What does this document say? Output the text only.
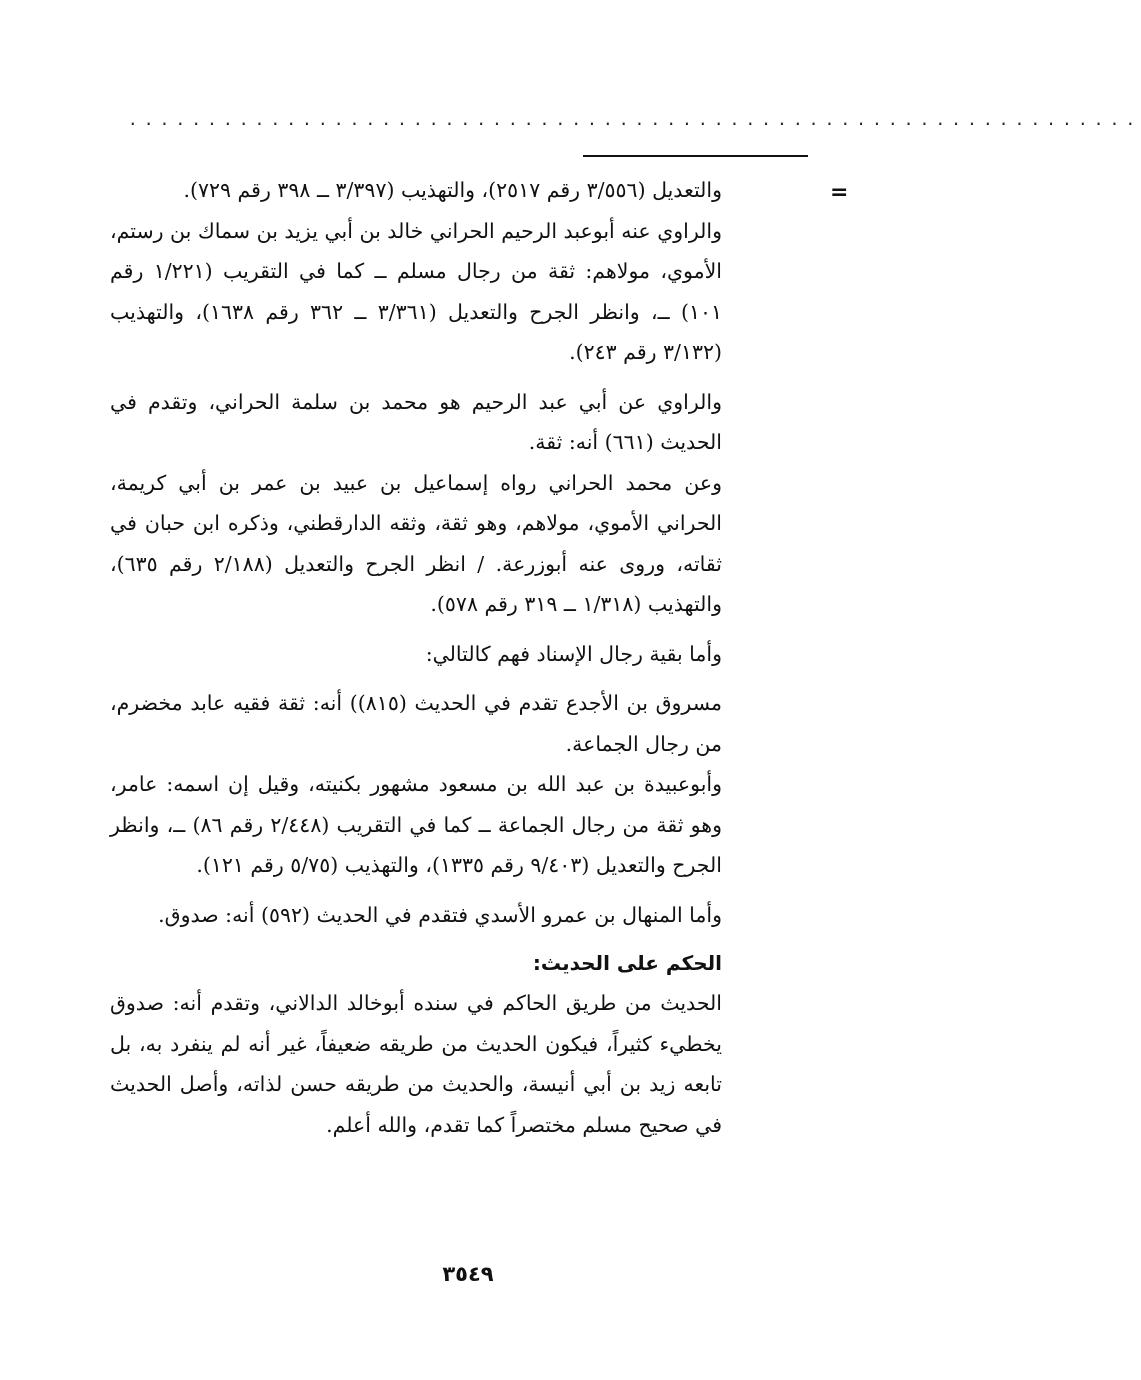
................................................................
=

والتعديل (٣/٥٥٦ رقم ٢٥١٧)، والتهذيب (٣/٣٩٧ ــ ٣٩٨ رقم ٧٢٩).

والراوي عنه أبوعبد الرحيم الحراني خالد بن أبي يزيد بن سماك بن رستم، الأموي، مولاهم: ثقة من رجال مسلم ــ كما في التقريب (١/٢٢١ رقم ١٠١) ــ، وانظر الجرح والتعديل (٣/٣٦١ ــ ٣٦٢ رقم ١٦٣٨)، والتهذيب (٣/١٣٢ رقم ٢٤٣).

والراوي عن أبي عبد الرحيم هو محمد بن سلمة الحراني، وتقدم في الحديث (٦٦١) أنه: ثقة.

وعن محمد الحراني رواه إسماعيل بن عبيد بن عمر بن أبي كريمة، الحراني الأموي، مولاهم، وهو ثقة، وثقه الدارقطني، وذكره ابن حبان في ثقاته، وروى عنه أبوزرعة. / انظر الجرح والتعديل (٢/١٨٨ رقم ٦٣٥)، والتهذيب (١/٣١٨ ــ ٣١٩ رقم ٥٧٨).

وأما بقية رجال الإسناد فهم كالتالي:

مسروق بن الأجدع تقدم في الحديث (٨١٥)) أنه: ثقة فقيه عابد مخضرم، من رجال الجماعة.

وأبوعبيدة بن عبد الله بن مسعود مشهور بكنيته، وقيل إن اسمه: عامر، وهو ثقة من رجال الجماعة ــ كما في التقريب (٢/٤٤٨ رقم ٨٦) ــ، وانظر الجرح والتعديل (٩/٤٠٣ رقم ١٣٣٥)، والتهذيب (٥/٧٥ رقم ١٢١).

وأما المنهال بن عمرو الأسدي فتقدم في الحديث (٥٩٢) أنه: صدوق.

الحكم على الحديث:

الحديث من طريق الحاكم في سنده أبوخالد الدالاني، وتقدم أنه: صدوق يخطيء كثيراً، فيكون الحديث من طريقه ضعيفاً، غير أنه لم ينفرد به، بل تابعه زيد بن أبي أنيسة، والحديث من طريقه حسن لذاته، وأصل الحديث في صحيح مسلم مختصراً كما تقدم، والله أعلم.

٣٥٤٩
